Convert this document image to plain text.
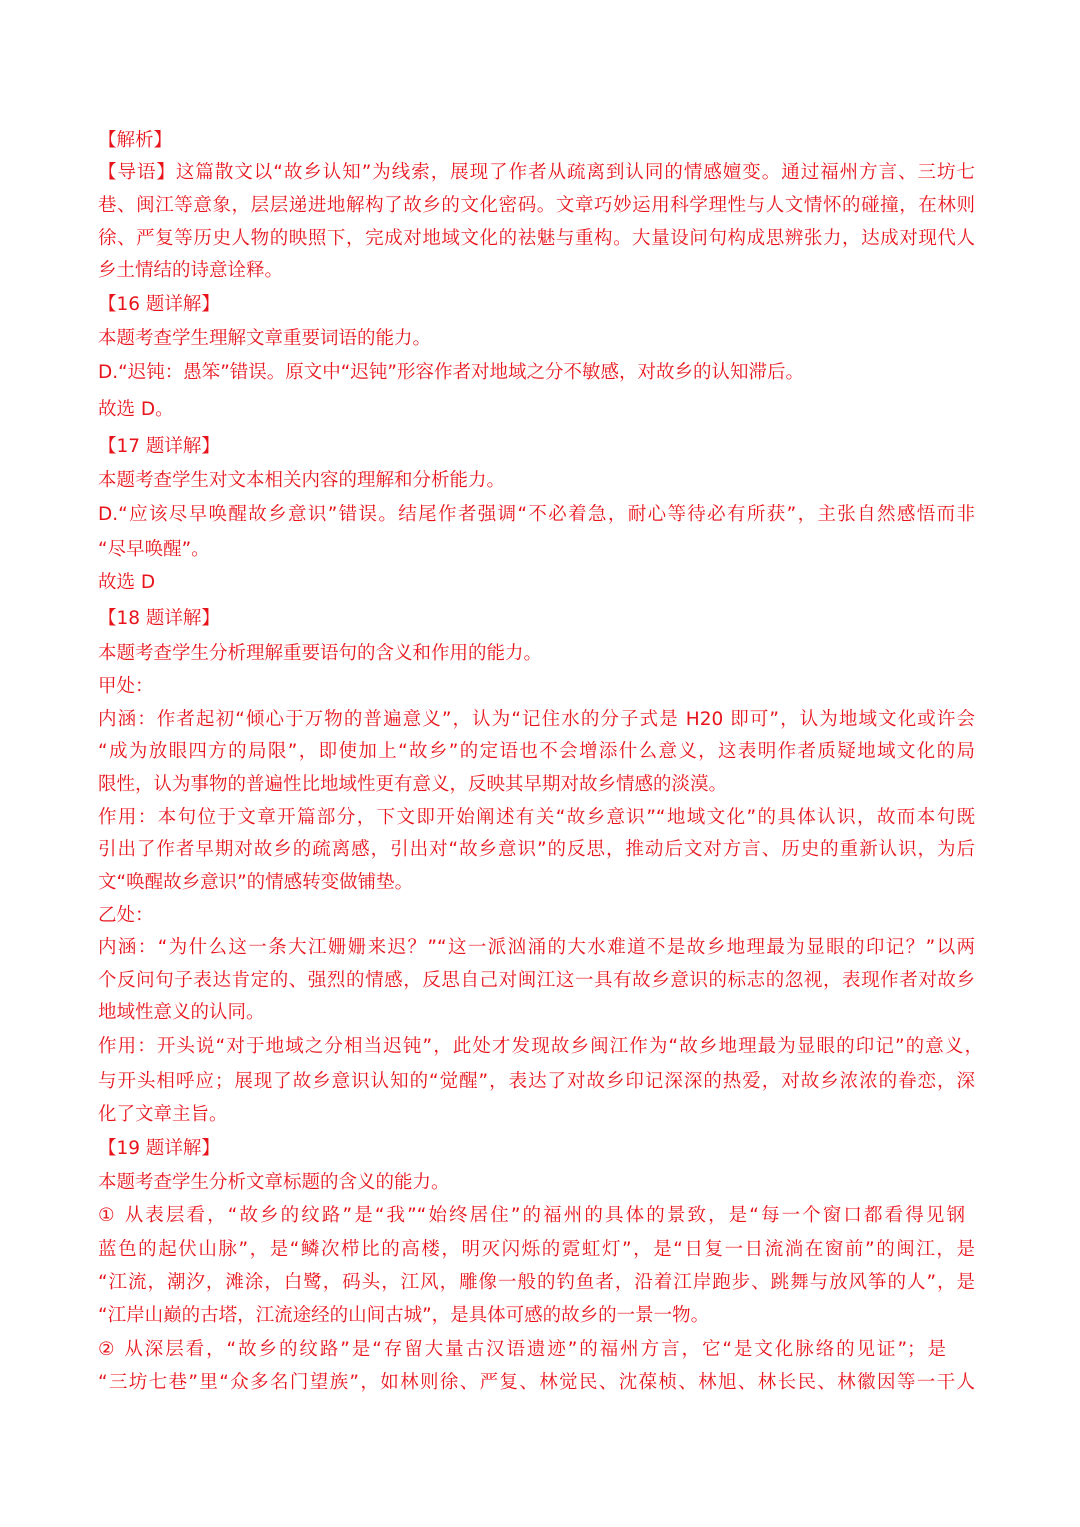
【解析】
【导语】这篇散文以“故乡认知”为线索，展现了作者从疏离到认同的情感嬗变。通过福州方言、三坊七
巷、闽江等意象，层层递进地解构了故乡的文化密码。文章巧妙运用科学理性与人文情怀的碰撞，在林则
徐、严复等历史人物的映照下，完成对地域文化的祛魅与重构。大量设问句构成思辨张力，达成对现代人
乡土情结的诗意诠释。
【16 题详解】
本题考查学生理解文章重要词语的能力。
D.“迟钝：愚笨”错误。原文中“迟钝”形容作者对地域之分不敏感，对故乡的认知滞后。
故选 D。
【17 题详解】
本题考查学生对文本相关内容的理解和分析能力。
D.“应该尽早唤醒故乡意识”错误。结尾作者强调“不必着急，耐心等待必有所获”，主张自然感悟而非
“尽早唤醒”。
故选 D
【18 题详解】
本题考查学生分析理解重要语句的含义和作用的能力。
甲处：
内涵：作者起初“倾心于万物的普遍意义”，认为“记住水的分子式是 H20 即可”，认为地域文化或许会
“成为放眼四方的局限”，即使加上“故乡”的定语也不会增添什么意义，这表明作者质疑地域文化的局
限性，认为事物的普遍性比地域性更有意义，反映其早期对故乡情感的淡漠。
作用：本句位于文章开篇部分，下文即开始阐述有关“故乡意识”“地域文化”的具体认识，故而本句既
引出了作者早期对故乡的疏离感，引出对“故乡意识”的反思，推动后文对方言、历史的重新认识，为后
文“唤醒故乡意识”的情感转变做铺垫。
乙处：
内涵：“为什么这一条大江姗姗来迟？”“这一派汹涌的大水难道不是故乡地理最为显眼的印记？”以两
个反问句子表达肯定的、强烈的情感，反思自己对闽江这一具有故乡意识的标志的忽视，表现作者对故乡
地域性意义的认同。
作用：开头说“对于地域之分相当迟钝”，此处才发现故乡闽江作为“故乡地理最为显眼的印记”的意义，
与开头相呼应；展现了故乡意识认知的“觉醒”，表达了对故乡印记深深的热爱，对故乡浓浓的眷恋，深
化了文章主旨。
【19 题详解】
本题考查学生分析文章标题的含义的能力。
① 从表层看，“故乡的纹路”是“我”“始终居住”的福州的具体的景致，是“每一个窗口都看得见钢
蓝色的起伏山脉”，是“鳞次栉比的高楼，明灭闪烁的霓虹灯”，是“日复一日流淌在窗前”的闽江，是
“江流，潮汐，滩涂，白鹭，码头，江风，雕像一般的钓鱼者，沿着江岸跑步、跳舞与放风筝的人”，是
“江岸山巅的古塔，江流途经的山间古城”，是具体可感的故乡的一景一物。
② 从深层看，“故乡的纹路”是“存留大量古汉语遗迹”的福州方言，它“是文化脉络的见证”；是
“三坊七巷”里“众多名门望族”，如林则徐、严复、林觉民、沈葆桢、林旭、林长民、林徽因等一干人
